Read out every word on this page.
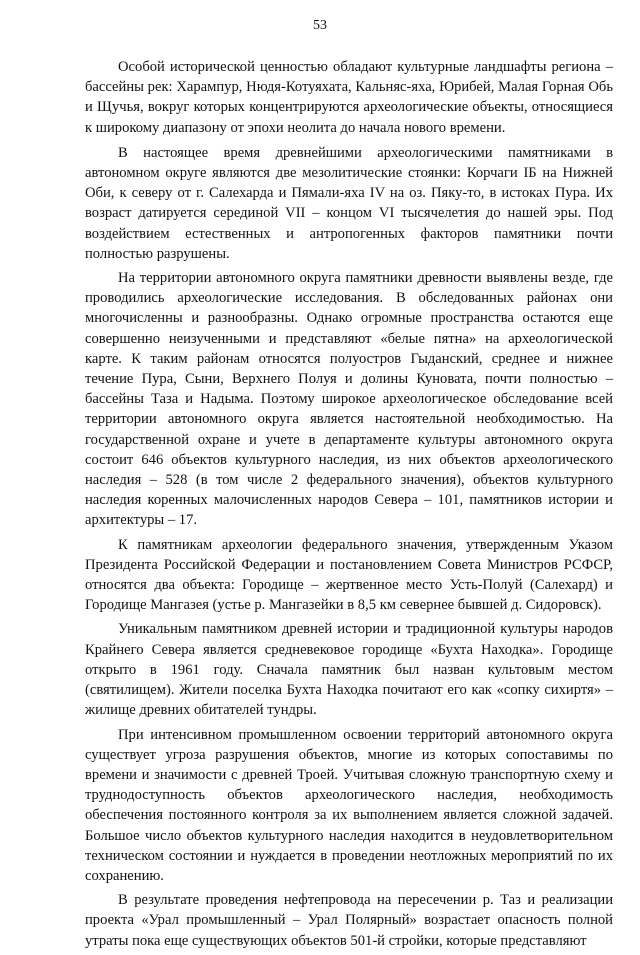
53

Особой исторической ценностью обладают культурные ландшафты региона – бассейны рек: Харампур, Нюдя-Котуяхата, Кальняс-яха, Юрибей, Малая Горная Обь и Щучья, вокруг которых концентрируются археологические объекты, относящиеся к широкому диапазону от эпохи неолита до начала нового времени.

В настоящее время древнейшими археологическими памятниками в автономном округе являются две мезолитические стоянки: Корчаги IБ на Нижней Оби, к северу от г. Салехарда и Пямали-яха IV на оз. Пяку-то, в истоках Пура. Их возраст датируется серединой VII – концом VI тысячелетия до нашей эры. Под воздействием естественных и антропогенных факторов памятники почти полностью разрушены.

На территории автономного округа памятники древности выявлены везде, где проводились археологические исследования. В обследованных районах они многочисленны и разнообразны. Однако огромные пространства остаются еще совершенно неизученными и представляют «белые пятна» на археологической карте. К таким районам относятся полуостров Гыданский, среднее и нижнее течение Пура, Сыни, Верхнего Полуя и долины Куновата, почти полностью – бассейны Таза и Надыма. Поэтому широкое археологическое обследование всей территории автономного округа является настоятельной необходимостью. На государственной охране и учете в департаменте культуры автономного округа состоит 646 объектов культурного наследия, из них объектов археологического наследия – 528 (в том числе 2 федерального значения), объектов культурного наследия коренных малочисленных народов Севера – 101, памятников истории и архитектуры – 17.

К памятникам археологии федерального значения, утвержденным Указом Президента Российской Федерации и постановлением Совета Министров РСФСР, относятся два объекта: Городище – жертвенное место Усть-Полуй (Салехард) и Городище Мангазея (устье р. Мангазейки в 8,5 км севернее бывшей д. Сидоровск).

Уникальным памятником древней истории и традиционной культуры народов Крайнего Севера является средневековое городище «Бухта Находка». Городище открыто в 1961 году. Сначала памятник был назван культовым местом (святилищем). Жители поселка Бухта Находка почитают его как «сопку сихиртя» – жилище древних обитателей тундры.

При интенсивном промышленном освоении территорий автономного округа существует угроза разрушения объектов, многие из которых сопоставимы по времени и значимости с древней Троей. Учитывая сложную транспортную схему и труднодоступность объектов археологического наследия, необходимость обеспечения постоянного контроля за их выполнением является сложной задачей. Большое число объектов культурного наследия находится в неудовлетворительном техническом состоянии и нуждается в проведении неотложных мероприятий по их сохранению.

В результате проведения нефтепровода на пересечении р. Таз и реализации проекта «Урал промышленный – Урал Полярный» возрастает опасность полной утраты пока еще существующих объектов 501-й стройки, которые представляют
